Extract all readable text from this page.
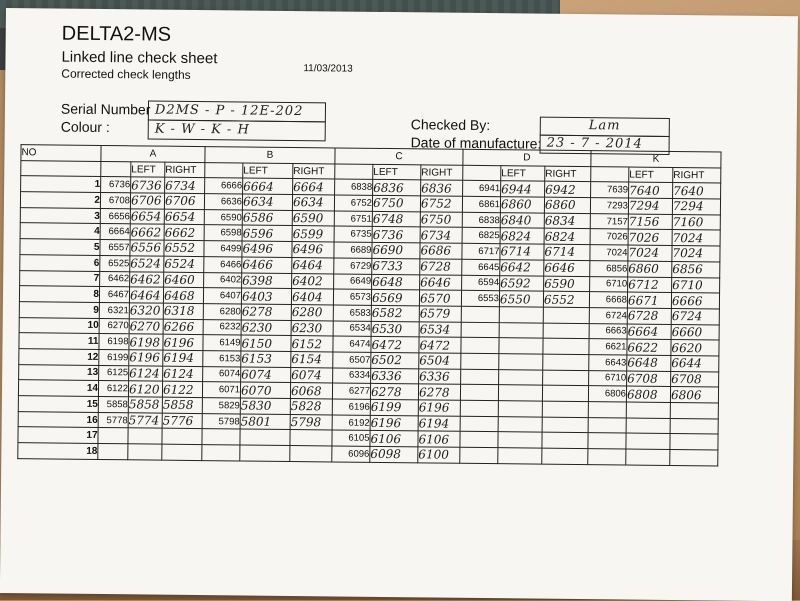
DELTA2-MS
Linked line check sheet
Corrected check lengths	11/03/2013
Serial Number D2MS - P - 12E-202
Colour :	K - W - K - H	Checked By:	Lam
Date of manufacture: 23 - 7 - 2014
NO	A			B			C			D			K		
		LEFT	RIGHT		LEFT	RIGHT		LEFT	RIGHT		LEFT	RIGHT		LEFT	RIGHT
1	6736	6736	6734	6666	6664	6664	6838	6836	6836	6941	6944	6942	7639	7640	7640
2	6708	6706	6706	6636	6634	6634	6752	6750	6752	6861	6860	6860	7293	7294	7294
3	6656	6654	6654	6590	6586	6590	6751	6748	6750	6838	6840	6834	7157	7156	7160
4	6664	6662	6662	6598	6596	6599	6735	6736	6734	6825	6824	6824	7026	7026	7024
5	6557	6556	6552	6499	6496	6496	6689	6690	6686	6717	6714	6714	7024	7024	7024
6	6525	6524	6524	6466	6466	6464	6729	6733	6728	6645	6642	6646	6856	6860	6856
7	6462	6462	6460	6402	6398	6402	6649	6648	6646	6594	6592	6590	6710	6712	6710
8	6467	6464	6468	6407	6403	6404	6573	6569	6570	6553	6550	6552	6668	6671	6666
9	6321	6320	6318	6280	6278	6280	6583	6582	6579				6724	6728	6724
10	6270	6270	6266	6232	6230	6230	6534	6530	6534				6663	6664	6660
11	6198	6198	6196	6149	6150	6152	6474	6472	6472				6621	6622	6620
12	6199	6196	6194	6153	6153	6154	6507	6502	6504				6643	6648	6644
13	6125	6124	6124	6074	6074	6074	6334	6336	6336				6710	6708	6708
14	6122	6120	6122	6071	6070	6068	6277	6278	6278				6806	6808	6806
15	5858	5858	5858	5829	5830	5828	6196	6199	6196						
16	5778	5774	5776	5798	5801	5798	6192	6196	6194						
17							6105	6106	6106						
18							6096	6098	6100						
